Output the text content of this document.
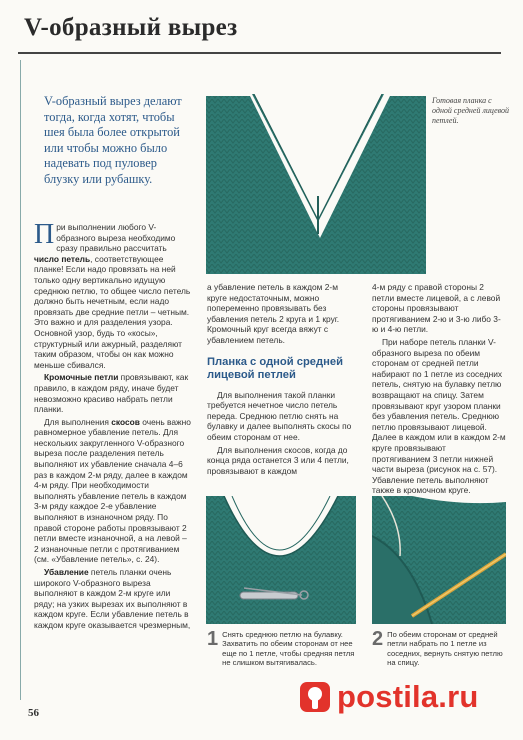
V-образный вырез
V-образный вырез делают тогда, когда хотят, чтобы шея была более открытой или чтобы можно было надевать под пуловер блузку или рубашку.
Готовая планка с одной средней лицевой петлей.

При выполнении любого V-образного выреза необходимо сразу правильно рассчитать число петель, соответствующее планке! Если надо провязать на ней только одну вертикально идущую среднюю петлю, то общее число петель должно быть нечетным, если надо провязать две средние петли – четным. Это важно и для разделения узора. Основной узор, будь то «косы», структурный или ажурный, разделяют таким образом, чтобы он как можно меньше сбивался.

Кромочные петли провязывают, как правило, в каждом ряду, иначе будет невозможно красиво набрать петли планки.

Для выполнения скосов очень важно равномерное убавление петель. Для нескольких закругленного V-образного выреза после разделения петель выполняют их убавление сначала 4–6 раз в каждом 2-м ряду, далее в каждом 4-м ряду. При необходимости выполнять убавление петель в каждом 3-м ряду каждое 2-е убавление выполняют в изнаночном ряду. По правой стороне работы провязывают 2 петли вместе изнаночной, а на левой – 2 изнаночные петли с протягиванием (см. «Убавление петель», с. 24).

Убавление петель планки очень широкого V-образного выреза выполняют в каждом 2-м круге или ряду; на узких вырезах их выполняют в каждом круге. Если убавление петель в каждом круге оказывается чрезмерным,

а убавление петель в каждом 2-м круге недостаточным, можно попеременно провязывать без убавления петель 2 круга и 1 круг. Кромочный круг всегда вяжут с убавлением петель.

Планка с одной средней лицевой петлей

Для выполнения такой планки требуется нечетное число петель переда. Среднюю петлю снять на булавку и далее выполнять скосы по обеим сторонам от нее.

Для выполнения скосов, когда до конца ряда останется 3 или 4 петли, провязывают в каждом

4-м ряду с правой стороны 2 петли вместе лицевой, а с левой стороны провязывают протягиванием 2-ю и 3-ю либо 3-ю и 4-ю петли.

При наборе петель планки V-образного выреза по обеим сторонам от средней петли набирают по 1 петле из соседних петель, снятую на булавку петлю возвращают на спицу. Затем провязывают круг узором планки без убавления петель. Среднюю петлю провязывают лицевой. Далее в каждом или в каждом 2-м круге провязывают протягиванием 3 петли нижней части выреза (рисунок на с. 57). Убавление петель выполняют также в кромочном круге.

1 Снять среднюю петлю на булавку. Захватить по обеим сторонам от нее еще по 1 петле, чтобы средняя петля не слишком вытягивалась.
2 По обеим сторонам от средней петли набрать по 1 петле из соседних, вернуть снятую петлю на спицу.
56	postila.ru
